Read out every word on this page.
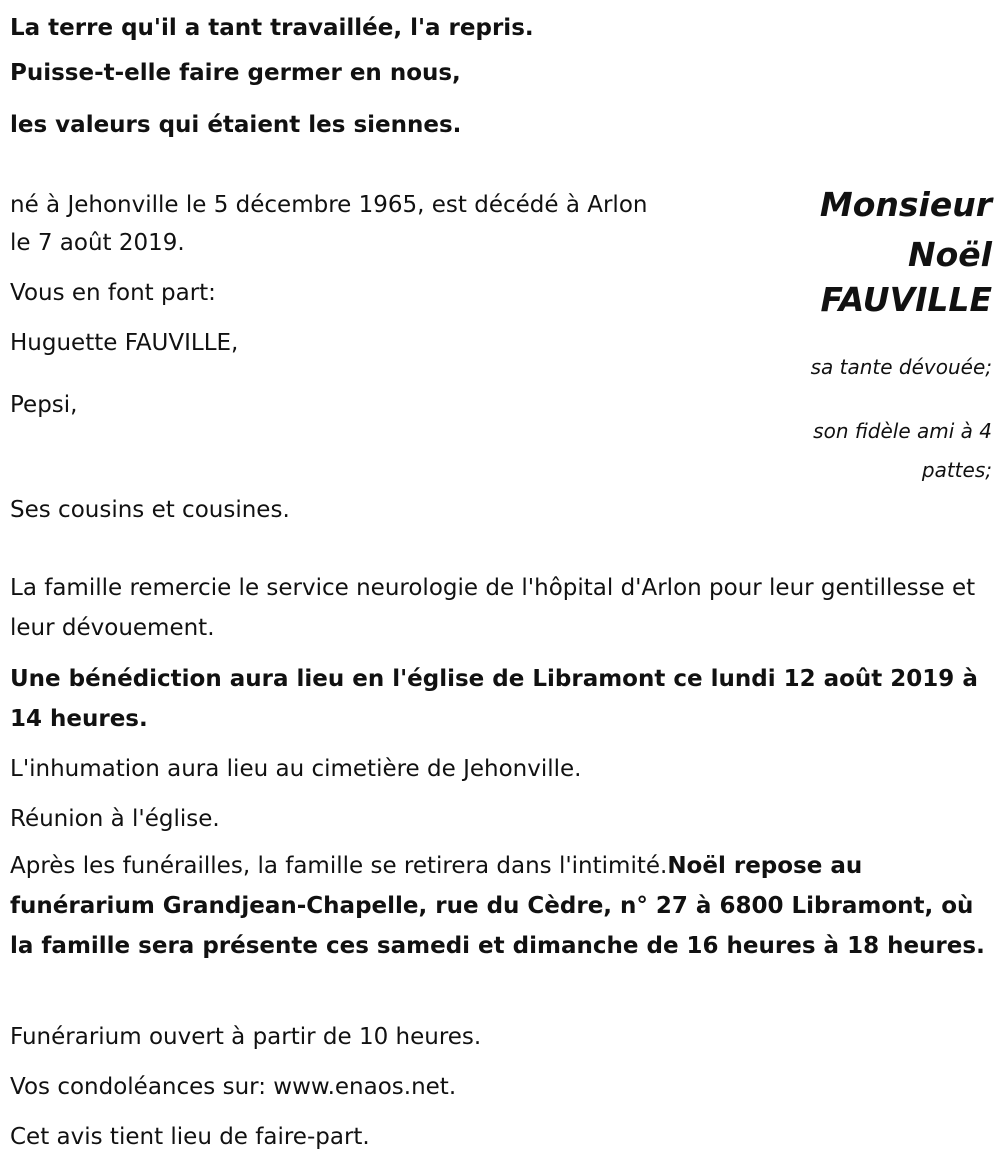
La terre qu'il a tant travaillée, l'a repris.
Puisse-t-elle faire germer en nous,
les valeurs qui étaient les siennes.
Monsieur
Noël
FAUVILLE
né à Jehonville le 5 décembre 1965, est décédé à Arlon
le 7 août 2019.
Vous en font part:
Huguette FAUVILLE,
sa tante dévouée;
Pepsi,
son fidèle ami à 4
pattes;
Ses cousins et cousines.
La famille remercie le service neurologie de l'hôpital d'Arlon pour leur gentillesse et leur dévouement.
Une bénédiction aura lieu en l'église de Libramont ce lundi 12 août 2019 à 14 heures.
L'inhumation aura lieu au cimetière de Jehonville.
Réunion à l'église.
Après les funérailles, la famille se retirera dans l'intimité.Noël repose au funérarium Grandjean-Chapelle, rue du Cèdre, n° 27 à 6800 Libramont, où la famille sera présente ces samedi et dimanche de 16 heures à 18 heures.
Funérarium ouvert à partir de 10 heures.
Vos condoléances sur: www.enaos.net.
Cet avis tient lieu de faire-part.
